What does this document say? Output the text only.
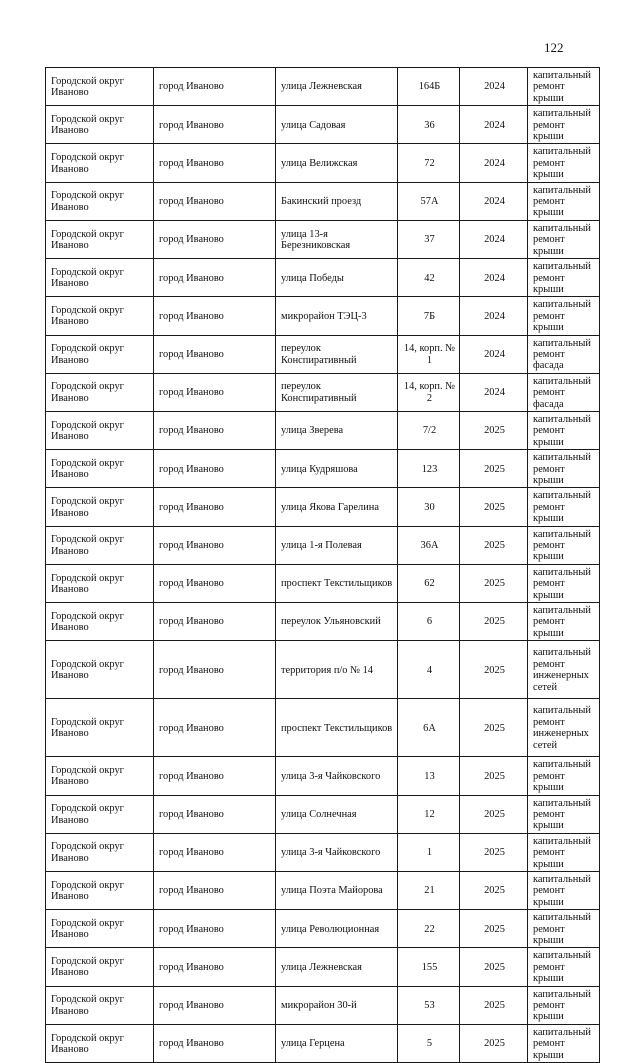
122
Городской округ Иваново	город Иваново	улица Лежневская	164Б	2024	капитальный ремонт крыши
Городской округ Иваново	город Иваново	улица Садовая	36	2024	капитальный ремонт крыши
Городской округ Иваново	город Иваново	улица Велижская	72	2024	капитальный ремонт крыши
Городской округ Иваново	город Иваново	Бакинский проезд	57А	2024	капитальный ремонт крыши
Городской округ Иваново	город Иваново	улица 13-я Березниковская	37	2024	капитальный ремонт крыши
Городской округ Иваново	город Иваново	улица Победы	42	2024	капитальный ремонт крыши
Городской округ Иваново	город Иваново	микрорайон ТЭЦ-3	7Б	2024	капитальный ремонт крыши
Городской округ Иваново	город Иваново	переулок Конспиративный	14, корп. № 1	2024	капитальный ремонт фасада
Городской округ Иваново	город Иваново	переулок Конспиративный	14, корп. № 2	2024	капитальный ремонт фасада
Городской округ Иваново	город Иваново	улица Зверева	7/2	2025	капитальный ремонт крыши
Городской округ Иваново	город Иваново	улица Кудряшова	123	2025	капитальный ремонт крыши
Городской округ Иваново	город Иваново	улица Якова Гарелина	30	2025	капитальный ремонт крыши
Городской округ Иваново	город Иваново	улица 1-я Полевая	36А	2025	капитальный ремонт крыши
Городской округ Иваново	город Иваново	проспект Текстильщиков	62	2025	капитальный ремонт крыши
Городской округ Иваново	город Иваново	переулок Ульяновский	6	2025	капитальный ремонт крыши
Городской округ Иваново	город Иваново	территория п/о № 14	4	2025	капитальный ремонт инженерных сетей
Городской округ Иваново	город Иваново	проспект Текстильщиков	6А	2025	капитальный ремонт инженерных сетей
Городской округ Иваново	город Иваново	улица 3-я Чайковского	13	2025	капитальный ремонт крыши
Городской округ Иваново	город Иваново	улица Солнечная	12	2025	капитальный ремонт крыши
Городской округ Иваново	город Иваново	улица 3-я Чайковского	1	2025	капитальный ремонт крыши
Городской округ Иваново	город Иваново	улица Поэта Майорова	21	2025	капитальный ремонт крыши
Городской округ Иваново	город Иваново	улица Революционная	22	2025	капитальный ремонт крыши
Городской округ Иваново	город Иваново	улица Лежневская	155	2025	капитальный ремонт крыши
Городской округ Иваново	город Иваново	микрорайон 30-й	53	2025	капитальный ремонт крыши
Городской округ Иваново	город Иваново	улица Герцена	5	2025	капитальный ремонт крыши
